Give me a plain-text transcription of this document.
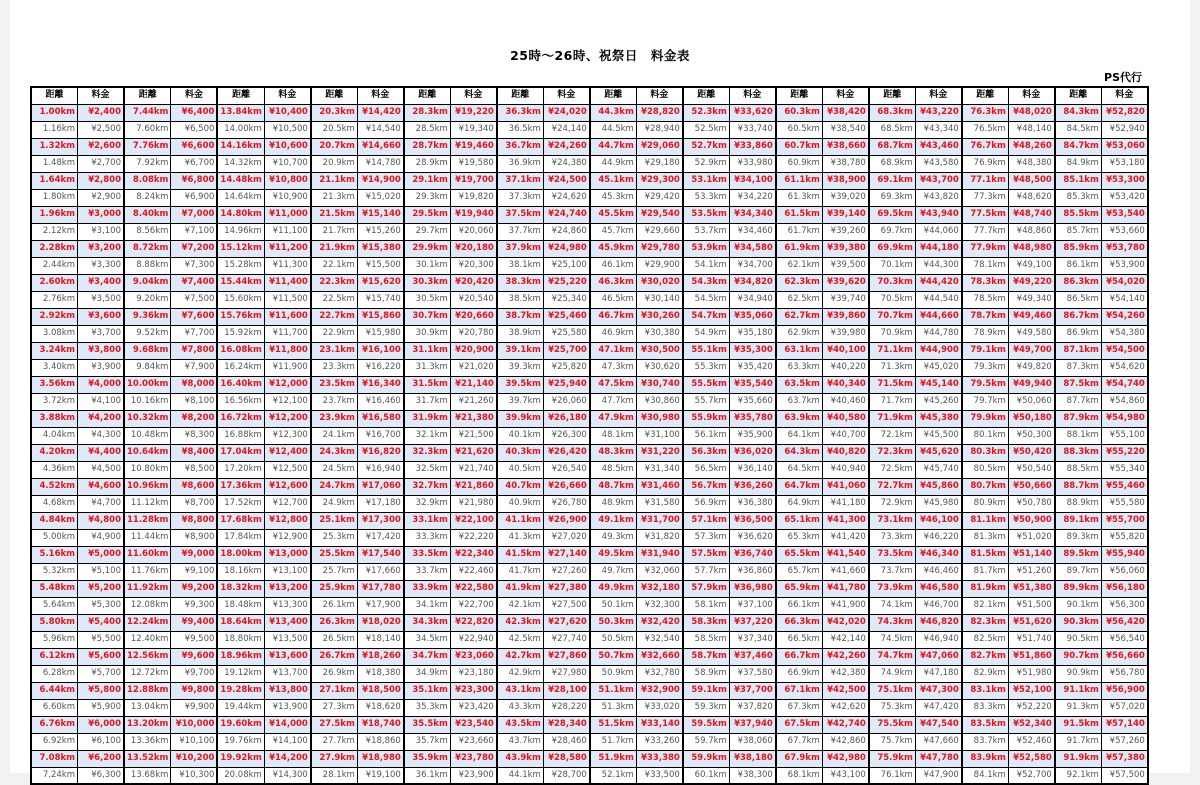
25時～26時、祝祭日　料金表
PS代行
距離	料金	距離	料金	距離	料金	距離	料金	距離	料金	距離	料金	距離	料金	距離	料金	距離	料金	距離	料金	距離	料金	距離	料金
1.00km	¥2,400	7.44km	¥6,400	13.84km	¥10,400	20.3km	¥14,420	28.3km	¥19,220	36.3km	¥24,020	44.3km	¥28,820	52.3km	¥33,620	60.3km	¥38,420	68.3km	¥43,220	76.3km	¥48,020	84.3km	¥52,820
1.16km	¥2,500	7.60km	¥6,500	14.00km	¥10,500	20.5km	¥14,540	28.5km	¥19,340	36.5km	¥24,140	44.5km	¥28,940	52.5km	¥33,740	60.5km	¥38,540	68.5km	¥43,340	76.5km	¥48,140	84.5km	¥52,940
1.32km	¥2,600	7.76km	¥6,600	14.16km	¥10,600	20.7km	¥14,660	28.7km	¥19,460	36.7km	¥24,260	44.7km	¥29,060	52.7km	¥33,860	60.7km	¥38,660	68.7km	¥43,460	76.7km	¥48,260	84.7km	¥53,060
1.48km	¥2,700	7.92km	¥6,700	14.32km	¥10,700	20.9km	¥14,780	28.9km	¥19,580	36.9km	¥24,380	44.9km	¥29,180	52.9km	¥33,980	60.9km	¥38,780	68.9km	¥43,580	76.9km	¥48,380	84.9km	¥53,180
1.64km	¥2,800	8.08km	¥6,800	14.48km	¥10,800	21.1km	¥14,900	29.1km	¥19,700	37.1km	¥24,500	45.1km	¥29,300	53.1km	¥34,100	61.1km	¥38,900	69.1km	¥43,700	77.1km	¥48,500	85.1km	¥53,300
1.80km	¥2,900	8.24km	¥6,900	14.64km	¥10,900	21.3km	¥15,020	29.3km	¥19,820	37.3km	¥24,620	45.3km	¥29,420	53.3km	¥34,220	61.3km	¥39,020	69.3km	¥43,820	77.3km	¥48,620	85.3km	¥53,420
1.96km	¥3,000	8.40km	¥7,000	14.80km	¥11,000	21.5km	¥15,140	29.5km	¥19,940	37.5km	¥24,740	45.5km	¥29,540	53.5km	¥34,340	61.5km	¥39,140	69.5km	¥43,940	77.5km	¥48,740	85.5km	¥53,540
2.12km	¥3,100	8.56km	¥7,100	14.96km	¥11,100	21.7km	¥15,260	29.7km	¥20,060	37.7km	¥24,860	45.7km	¥29,660	53.7km	¥34,460	61.7km	¥39,260	69.7km	¥44,060	77.7km	¥48,860	85.7km	¥53,660
2.28km	¥3,200	8.72km	¥7,200	15.12km	¥11,200	21.9km	¥15,380	29.9km	¥20,180	37.9km	¥24,980	45.9km	¥29,780	53.9km	¥34,580	61.9km	¥39,380	69.9km	¥44,180	77.9km	¥48,980	85.9km	¥53,780
2.44km	¥3,300	8.88km	¥7,300	15.28km	¥11,300	22.1km	¥15,500	30.1km	¥20,300	38.1km	¥25,100	46.1km	¥29,900	54.1km	¥34,700	62.1km	¥39,500	70.1km	¥44,300	78.1km	¥49,100	86.1km	¥53,900
2.60km	¥3,400	9.04km	¥7,400	15.44km	¥11,400	22.3km	¥15,620	30.3km	¥20,420	38.3km	¥25,220	46.3km	¥30,020	54.3km	¥34,820	62.3km	¥39,620	70.3km	¥44,420	78.3km	¥49,220	86.3km	¥54,020
2.76km	¥3,500	9.20km	¥7,500	15.60km	¥11,500	22.5km	¥15,740	30.5km	¥20,540	38.5km	¥25,340	46.5km	¥30,140	54.5km	¥34,940	62.5km	¥39,740	70.5km	¥44,540	78.5km	¥49,340	86.5km	¥54,140
2.92km	¥3,600	9.36km	¥7,600	15.76km	¥11,600	22.7km	¥15,860	30.7km	¥20,660	38.7km	¥25,460	46.7km	¥30,260	54.7km	¥35,060	62.7km	¥39,860	70.7km	¥44,660	78.7km	¥49,460	86.7km	¥54,260
3.08km	¥3,700	9.52km	¥7,700	15.92km	¥11,700	22.9km	¥15,980	30.9km	¥20,780	38.9km	¥25,580	46.9km	¥30,380	54.9km	¥35,180	62.9km	¥39,980	70.9km	¥44,780	78.9km	¥49,580	86.9km	¥54,380
3.24km	¥3,800	9.68km	¥7,800	16.08km	¥11,800	23.1km	¥16,100	31.1km	¥20,900	39.1km	¥25,700	47.1km	¥30,500	55.1km	¥35,300	63.1km	¥40,100	71.1km	¥44,900	79.1km	¥49,700	87.1km	¥54,500
3.40km	¥3,900	9.84km	¥7,900	16.24km	¥11,900	23.3km	¥16,220	31.3km	¥21,020	39.3km	¥25,820	47.3km	¥30,620	55.3km	¥35,420	63.3km	¥40,220	71.3km	¥45,020	79.3km	¥49,820	87.3km	¥54,620
3.56km	¥4,000	10.00km	¥8,000	16.40km	¥12,000	23.5km	¥16,340	31.5km	¥21,140	39.5km	¥25,940	47.5km	¥30,740	55.5km	¥35,540	63.5km	¥40,340	71.5km	¥45,140	79.5km	¥49,940	87.5km	¥54,740
3.72km	¥4,100	10.16km	¥8,100	16.56km	¥12,100	23.7km	¥16,460	31.7km	¥21,260	39.7km	¥26,060	47.7km	¥30,860	55.7km	¥35,660	63.7km	¥40,460	71.7km	¥45,260	79.7km	¥50,060	87.7km	¥54,860
3.88km	¥4,200	10.32km	¥8,200	16.72km	¥12,200	23.9km	¥16,580	31.9km	¥21,380	39.9km	¥26,180	47.9km	¥30,980	55.9km	¥35,780	63.9km	¥40,580	71.9km	¥45,380	79.9km	¥50,180	87.9km	¥54,980
4.04km	¥4,300	10.48km	¥8,300	16.88km	¥12,300	24.1km	¥16,700	32.1km	¥21,500	40.1km	¥26,300	48.1km	¥31,100	56.1km	¥35,900	64.1km	¥40,700	72.1km	¥45,500	80.1km	¥50,300	88.1km	¥55,100
4.20km	¥4,400	10.64km	¥8,400	17.04km	¥12,400	24.3km	¥16,820	32.3km	¥21,620	40.3km	¥26,420	48.3km	¥31,220	56.3km	¥36,020	64.3km	¥40,820	72.3km	¥45,620	80.3km	¥50,420	88.3km	¥55,220
4.36km	¥4,500	10.80km	¥8,500	17.20km	¥12,500	24.5km	¥16,940	32.5km	¥21,740	40.5km	¥26,540	48.5km	¥31,340	56.5km	¥36,140	64.5km	¥40,940	72.5km	¥45,740	80.5km	¥50,540	88.5km	¥55,340
4.52km	¥4,600	10.96km	¥8,600	17.36km	¥12,600	24.7km	¥17,060	32.7km	¥21,860	40.7km	¥26,660	48.7km	¥31,460	56.7km	¥36,260	64.7km	¥41,060	72.7km	¥45,860	80.7km	¥50,660	88.7km	¥55,460
4.68km	¥4,700	11.12km	¥8,700	17.52km	¥12,700	24.9km	¥17,180	32.9km	¥21,980	40.9km	¥26,780	48.9km	¥31,580	56.9km	¥36,380	64.9km	¥41,180	72.9km	¥45,980	80.9km	¥50,780	88.9km	¥55,580
4.84km	¥4,800	11.28km	¥8,800	17.68km	¥12,800	25.1km	¥17,300	33.1km	¥22,100	41.1km	¥26,900	49.1km	¥31,700	57.1km	¥36,500	65.1km	¥41,300	73.1km	¥46,100	81.1km	¥50,900	89.1km	¥55,700
5.00km	¥4,900	11.44km	¥8,900	17.84km	¥12,900	25.3km	¥17,420	33.3km	¥22,220	41.3km	¥27,020	49.3km	¥31,820	57.3km	¥36,620	65.3km	¥41,420	73.3km	¥46,220	81.3km	¥51,020	89.3km	¥55,820
5.16km	¥5,000	11.60km	¥9,000	18.00km	¥13,000	25.5km	¥17,540	33.5km	¥22,340	41.5km	¥27,140	49.5km	¥31,940	57.5km	¥36,740	65.5km	¥41,540	73.5km	¥46,340	81.5km	¥51,140	89.5km	¥55,940
5.32km	¥5,100	11.76km	¥9,100	18.16km	¥13,100	25.7km	¥17,660	33.7km	¥22,460	41.7km	¥27,260	49.7km	¥32,060	57.7km	¥36,860	65.7km	¥41,660	73.7km	¥46,460	81.7km	¥51,260	89.7km	¥56,060
5.48km	¥5,200	11.92km	¥9,200	18.32km	¥13,200	25.9km	¥17,780	33.9km	¥22,580	41.9km	¥27,380	49.9km	¥32,180	57.9km	¥36,980	65.9km	¥41,780	73.9km	¥46,580	81.9km	¥51,380	89.9km	¥56,180
5.64km	¥5,300	12.08km	¥9,300	18.48km	¥13,300	26.1km	¥17,900	34.1km	¥22,700	42.1km	¥27,500	50.1km	¥32,300	58.1km	¥37,100	66.1km	¥41,900	74.1km	¥46,700	82.1km	¥51,500	90.1km	¥56,300
5.80km	¥5,400	12.24km	¥9,400	18.64km	¥13,400	26.3km	¥18,020	34.3km	¥22,820	42.3km	¥27,620	50.3km	¥32,420	58.3km	¥37,220	66.3km	¥42,020	74.3km	¥46,820	82.3km	¥51,620	90.3km	¥56,420
5.96km	¥5,500	12.40km	¥9,500	18.80km	¥13,500	26.5km	¥18,140	34.5km	¥22,940	42.5km	¥27,740	50.5km	¥32,540	58.5km	¥37,340	66.5km	¥42,140	74.5km	¥46,940	82.5km	¥51,740	90.5km	¥56,540
6.12km	¥5,600	12.56km	¥9,600	18.96km	¥13,600	26.7km	¥18,260	34.7km	¥23,060	42.7km	¥27,860	50.7km	¥32,660	58.7km	¥37,460	66.7km	¥42,260	74.7km	¥47,060	82.7km	¥51,860	90.7km	¥56,660
6.28km	¥5,700	12.72km	¥9,700	19.12km	¥13,700	26.9km	¥18,380	34.9km	¥23,180	42.9km	¥27,980	50.9km	¥32,780	58.9km	¥37,580	66.9km	¥42,380	74.9km	¥47,180	82.9km	¥51,980	90.9km	¥56,780
6.44km	¥5,800	12.88km	¥9,800	19.28km	¥13,800	27.1km	¥18,500	35.1km	¥23,300	43.1km	¥28,100	51.1km	¥32,900	59.1km	¥37,700	67.1km	¥42,500	75.1km	¥47,300	83.1km	¥52,100	91.1km	¥56,900
6.60km	¥5,900	13.04km	¥9,900	19.44km	¥13,900	27.3km	¥18,620	35.3km	¥23,420	43.3km	¥28,220	51.3km	¥33,020	59.3km	¥37,820	67.3km	¥42,620	75.3km	¥47,420	83.3km	¥52,220	91.3km	¥57,020
6.76km	¥6,000	13.20km	¥10,000	19.60km	¥14,000	27.5km	¥18,740	35.5km	¥23,540	43.5km	¥28,340	51.5km	¥33,140	59.5km	¥37,940	67.5km	¥42,740	75.5km	¥47,540	83.5km	¥52,340	91.5km	¥57,140
6.92km	¥6,100	13.36km	¥10,100	19.76km	¥14,100	27.7km	¥18,860	35.7km	¥23,660	43.7km	¥28,460	51.7km	¥33,260	59.7km	¥38,060	67.7km	¥42,860	75.7km	¥47,660	83.7km	¥52,460	91.7km	¥57,260
7.08km	¥6,200	13.52km	¥10,200	19.92km	¥14,200	27.9km	¥18,980	35.9km	¥23,780	43.9km	¥28,580	51.9km	¥33,380	59.9km	¥38,180	67.9km	¥42,980	75.9km	¥47,780	83.9km	¥52,580	91.9km	¥57,380
7.24km	¥6,300	13.68km	¥10,300	20.08km	¥14,300	28.1km	¥19,100	36.1km	¥23,900	44.1km	¥28,700	52.1km	¥33,500	60.1km	¥38,300	68.1km	¥43,100	76.1km	¥47,900	84.1km	¥52,700	92.1km	¥57,500
